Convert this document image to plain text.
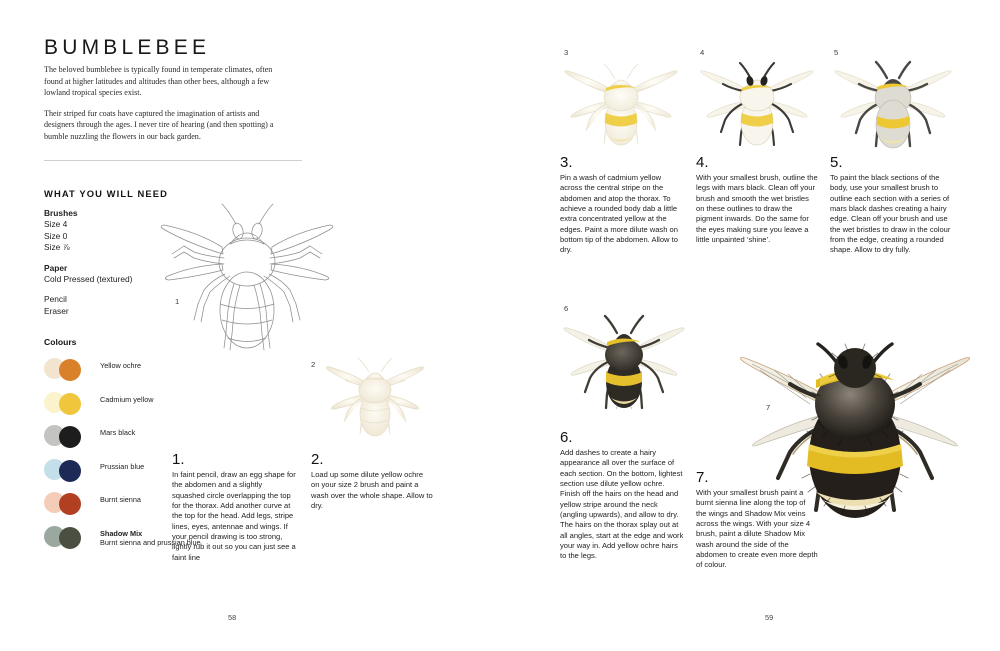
BUMBLEBEE

The beloved bumblebee is typically found in temperate climates, often found at higher latitudes and altitudes than other bees, although a few lowland tropical species exist.

Their striped fur coats have captured the imagination of artists and designers through the ages. I never tire of hearing (and then spotting) a bumble nuzzling the flowers in our back garden.

WHAT YOU WILL NEED
Brushes
Size 4
Size 0
Size ⅞
Paper
Cold Pressed (textured)
Pencil
Eraser
Colours
Yellow ochre
Cadmium yellow
Mars black
Prussian blue
Burnt sienna
Shadow Mix
Burnt sienna and prussian blue
1
2
1.
In faint pencil, draw an egg shape for the abdomen and a slightly squashed circle overlapping the top for the thorax. Add another curve at the top for the head. Add legs, stripe lines, eyes, antennae and wings. If your pencil drawing is too strong, lightly rub it out so you can just see a faint line
2.
Load up some dilute yellow ochre on your size 2 brush and paint a wash over the whole shape. Allow to dry.
58
3	4	5
3.
Pin a wash of cadmium yellow across the central stripe on the abdomen and atop the thorax. To achieve a rounded body dab a little extra concentrated yellow at the edges. Paint a more dilute wash on bottom tip of the abdomen. Allow to dry.
4.
With your smallest brush, outline the legs with mars black. Clean off your brush and smooth the wet bristles on these outlines to draw the pigment inwards. Do the same for the eyes making sure you leave a little unpainted ‘shine’.
5.
To paint the black sections of the body, use your smallest brush to outline each section with a series of mars black dashes creating a hairy edge. Clean off your brush and use the wet bristles to draw in the colour from the edge, creating a rounded shape. Allow to dry fully.
6
7
6.
Add dashes to create a hairy appearance all over the surface of each section. On the bottom, lightest section use dilute yellow ochre. Finish off the hairs on the head and yellow stripe around the neck (angling upwards), and allow to dry. The hairs on the thorax splay out at all angles, start at the edge and work your way in. Add yellow ochre hairs to the legs.
7.
With your smallest brush paint a burnt sienna line along the top of the wings and Shadow Mix veins across the wings. With your size 4 brush, paint a dilute Shadow Mix wash around the side of the abdomen to create even more depth of colour.
59
